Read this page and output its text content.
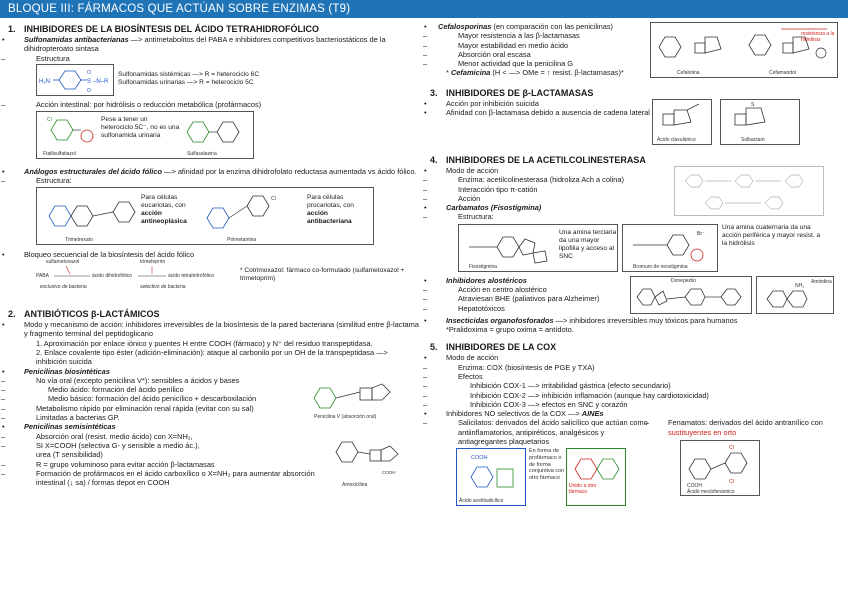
BLOQUE III: FÁRMACOS QUE ACTÚAN SOBRE ENZIMAS (T9)
1. INHIBIDORES DE LA BIOSÍNTESIS DEL ÁCIDO TETRAHIDROFÓLICO
• Sulfonamidas antibacterianas —> antimetabolitos del PABA e inhibidores competitivos bacteriostáticos de la dihidropteroato sintasa
– Estructura
H₂N	S
O
O
–N–R
Sulfonamidas sistémicas —> R = heterociclo 6C
Sulfonamidas urinarias —> R = heterociclo 5C
– Acción intestinal: por hidrólisis o reducción metabólica (profármacos)
Cl
Ftalilsulfatiazol	Sulfasalazina
Pese a tener un heterociclo 5C⁻, no es una sulfonamida urinaria
• Análogos estructurales del ácido fólico —> afinidad por la enzima dihidrofolato reductasa aumentada vs ácido fólico.
– Estructura:
Cl
Trimetrexato	Pirimetamina
Para células eucariotas, con acción antineoplásica
Para células procariotas, con acción antibacteriana
• Bloqueo secuencial de la biosíntesis del ácido fólico
sulfametoxazol	trimetoprim
PABA	ácido dihidrofólico	ácido tetrahidrofólico
exclusivo de bacteria	selectivo de bacteria
* Cotrimoxazol: fármaco co-formulado (sulfametoxazol + trimetoprim)
2. ANTIBIÓTICOS β-LACTÁMICOS
• Modo y mecanismo de acción: inhibidores irreversibles de la biosíntesis de la pared bacteriana (similitud entre β-lactama y fragmento terminal del peptidoglicano
1. Aproximación por enlace iónico y puentes H entre COOH (fármaco) y N⁺ del residuo transpeptidasa.
2. Enlace covalente tipo éster (adición-eliminación): ataque al carbonilo por un OH de la transpeptidasa —> inhibición suicida
• Penicilinas biosintéticas
– No vía oral (excepto penicilina V*): sensibles a ácidos y bases
– Medio ácido: formación del ácido penílico
– Medio básico: formación del ácido penicílico + descarboxilación
– Metabolismo rápido por eliminación renal rápida (evitar con su sal)
– Limitadas a bacterias GP.	Penicilina V (absorción oral)
• Penicilinas semisintéticas
– Absorción oral (resist. medio ácido) con X=NH₂,
– SI X=COOH (selectiva G- y sensible a medio ác.),
urea (T sensibilidad)
– R = grupo voluminoso para evitar acción β-lactamasas
– Formación de profármacos en el ácido carboxílico o X=NH₂ para aumentar absorción intestinal (↓ sa) / formas depot en COOH
COOH
Amoxicilina
• Cefalosporinas (en comparación con las penicilinas)
– Mayor resistencia a las β-lactamasas
– Mayor estabilidad en medio ácido
– Absorción oral escasa
– Menor actividad que la penicilina G
* Cefamicina (H < —> OMe = ↑ resist. β-lactamasas)*	Cefalotina	Cefamandol
resistencia a la hidrólisis
3. INHIBIDORES DE β-LACTAMASAS
• Acción por inhibición suicida
• Afinidad con β-lactamasa debido a ausencia de cadena lateral
Ácido clavulánico
S
Sulbactam
4. INHIBIDORES DE LA ACETILCOLINESTERASA
• Modo de acción
– Enzima: acetilcolinesterasa (hidroliza Ach a colina)
– Interacción tipo π-catión
– Acción
• Carbamatos (Fisostigmina)
– Estructura:
Fisostigmina
Una amina terciaria da una mayor lipofilia y acceso al SNC
Br⁻
Bromuro de neostigmina
Una amina cuaternaria da una acción periférica y mayor resist. a la hidrólisis
• Inhibidores alostéricos
– Acción en centro alostérico
– Atraviesan BHE (paliativos para Alzheimer)
– Hepatotóxicos
Donepezilo
NH₂
Amiridina
• Insecticidas organofosforados —> inhibidores irreversibles muy tóxicos para humanos
*Pralidoxima = grupo oxima = antídoto.
5. INHIBIDORES DE LA COX
• Modo de acción
– Enzima: COX (biosíntesis de PGE y TXA)
– Efectos
– Inhibición COX-1 —> irritabilidad gástrica (efecto secundario)
– Inhibición COX-2 —> inhibición inflamación (aunque hay cardiotoxicidad)
– Inhibición COX-3 —> efectos en SNC y corazón
• Inhibidores NO selectivos de la COX —> AINEs
– Salicilatos: derivados del ácido salicílico que actúan como antiinflamatorios, antipiréticos, analgésicos y antiagregantes plaquetarios
COOH
Ácido acetilsalicílico
En forma de profármaco o de forma conjuntiva con otro fármaco
Unido a otro fármaco
– Fenamatos: derivados del ácido antranílico con sustituyentes en orto
Cl
Cl
COOH
Ácido meclofenámico
